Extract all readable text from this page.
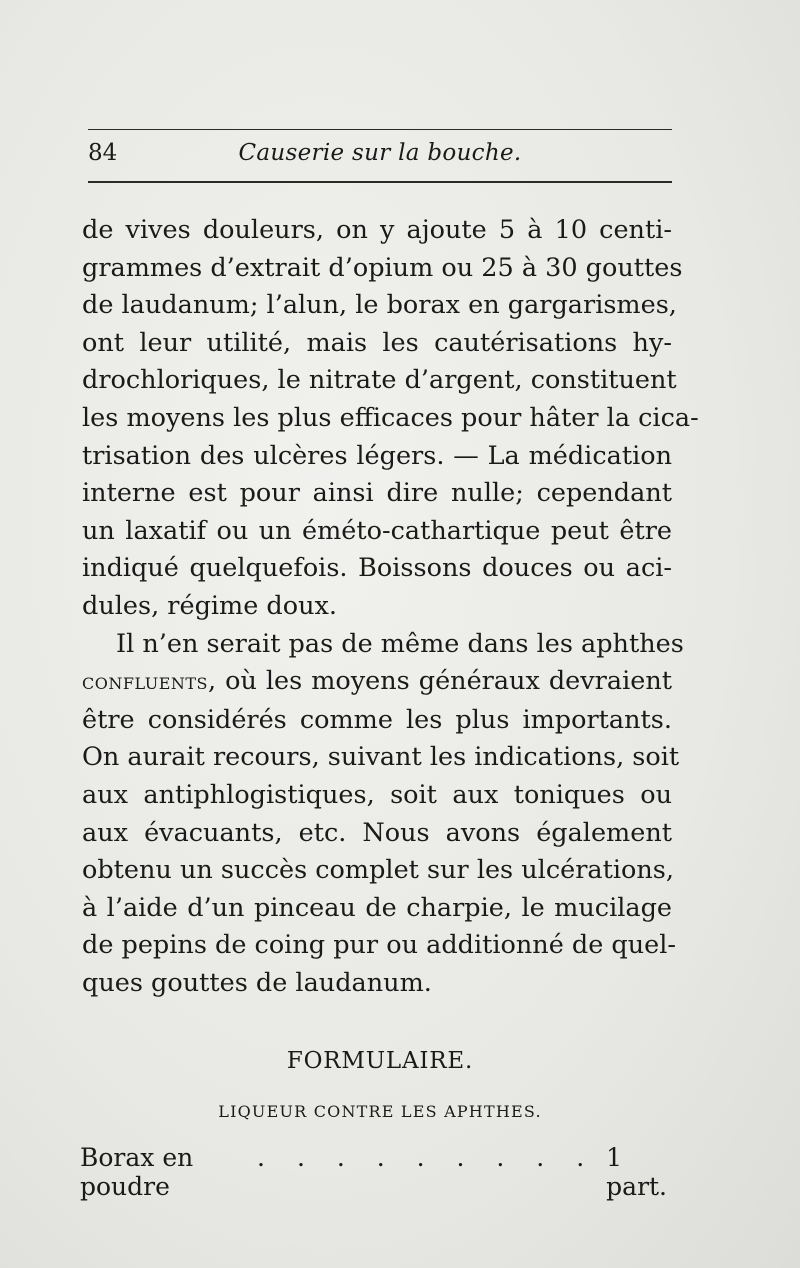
84	Causerie sur la bouche.
de vives douleurs, on y ajoute 5 à 10 centi-
grammes d’extrait d’opium ou 25 à 30 gouttes
de laudanum; l’alun, le borax en gargarismes,
ont leur utilité, mais les cautérisations hy-
drochloriques, le nitrate d’argent, constituent
les moyens les plus efficaces pour hâter la cica-
trisation des ulcères légers. — La médication
interne est pour ainsi dire nulle; cependant
un laxatif ou un éméto-cathartique peut être
indiqué quelquefois. Boissons douces ou aci-
dules, régime doux.
Il n’en serait pas de même dans les aphthes
confluents, où les moyens généraux devraient
être considérés comme les plus importants.
On aurait recours, suivant les indications, soit
aux antiphlogistiques, soit aux toniques ou
aux évacuants, etc. Nous avons également
obtenu un succès complet sur les ulcérations,
à l’aide d’un pinceau de charpie, le mucilage
de pepins de coing pur ou additionné de quel-
ques gouttes de laudanum.
FORMULAIRE.
LIQUEUR CONTRE LES APHTHES.
Borax en poudre
. . . . . . . . . 1 part.
